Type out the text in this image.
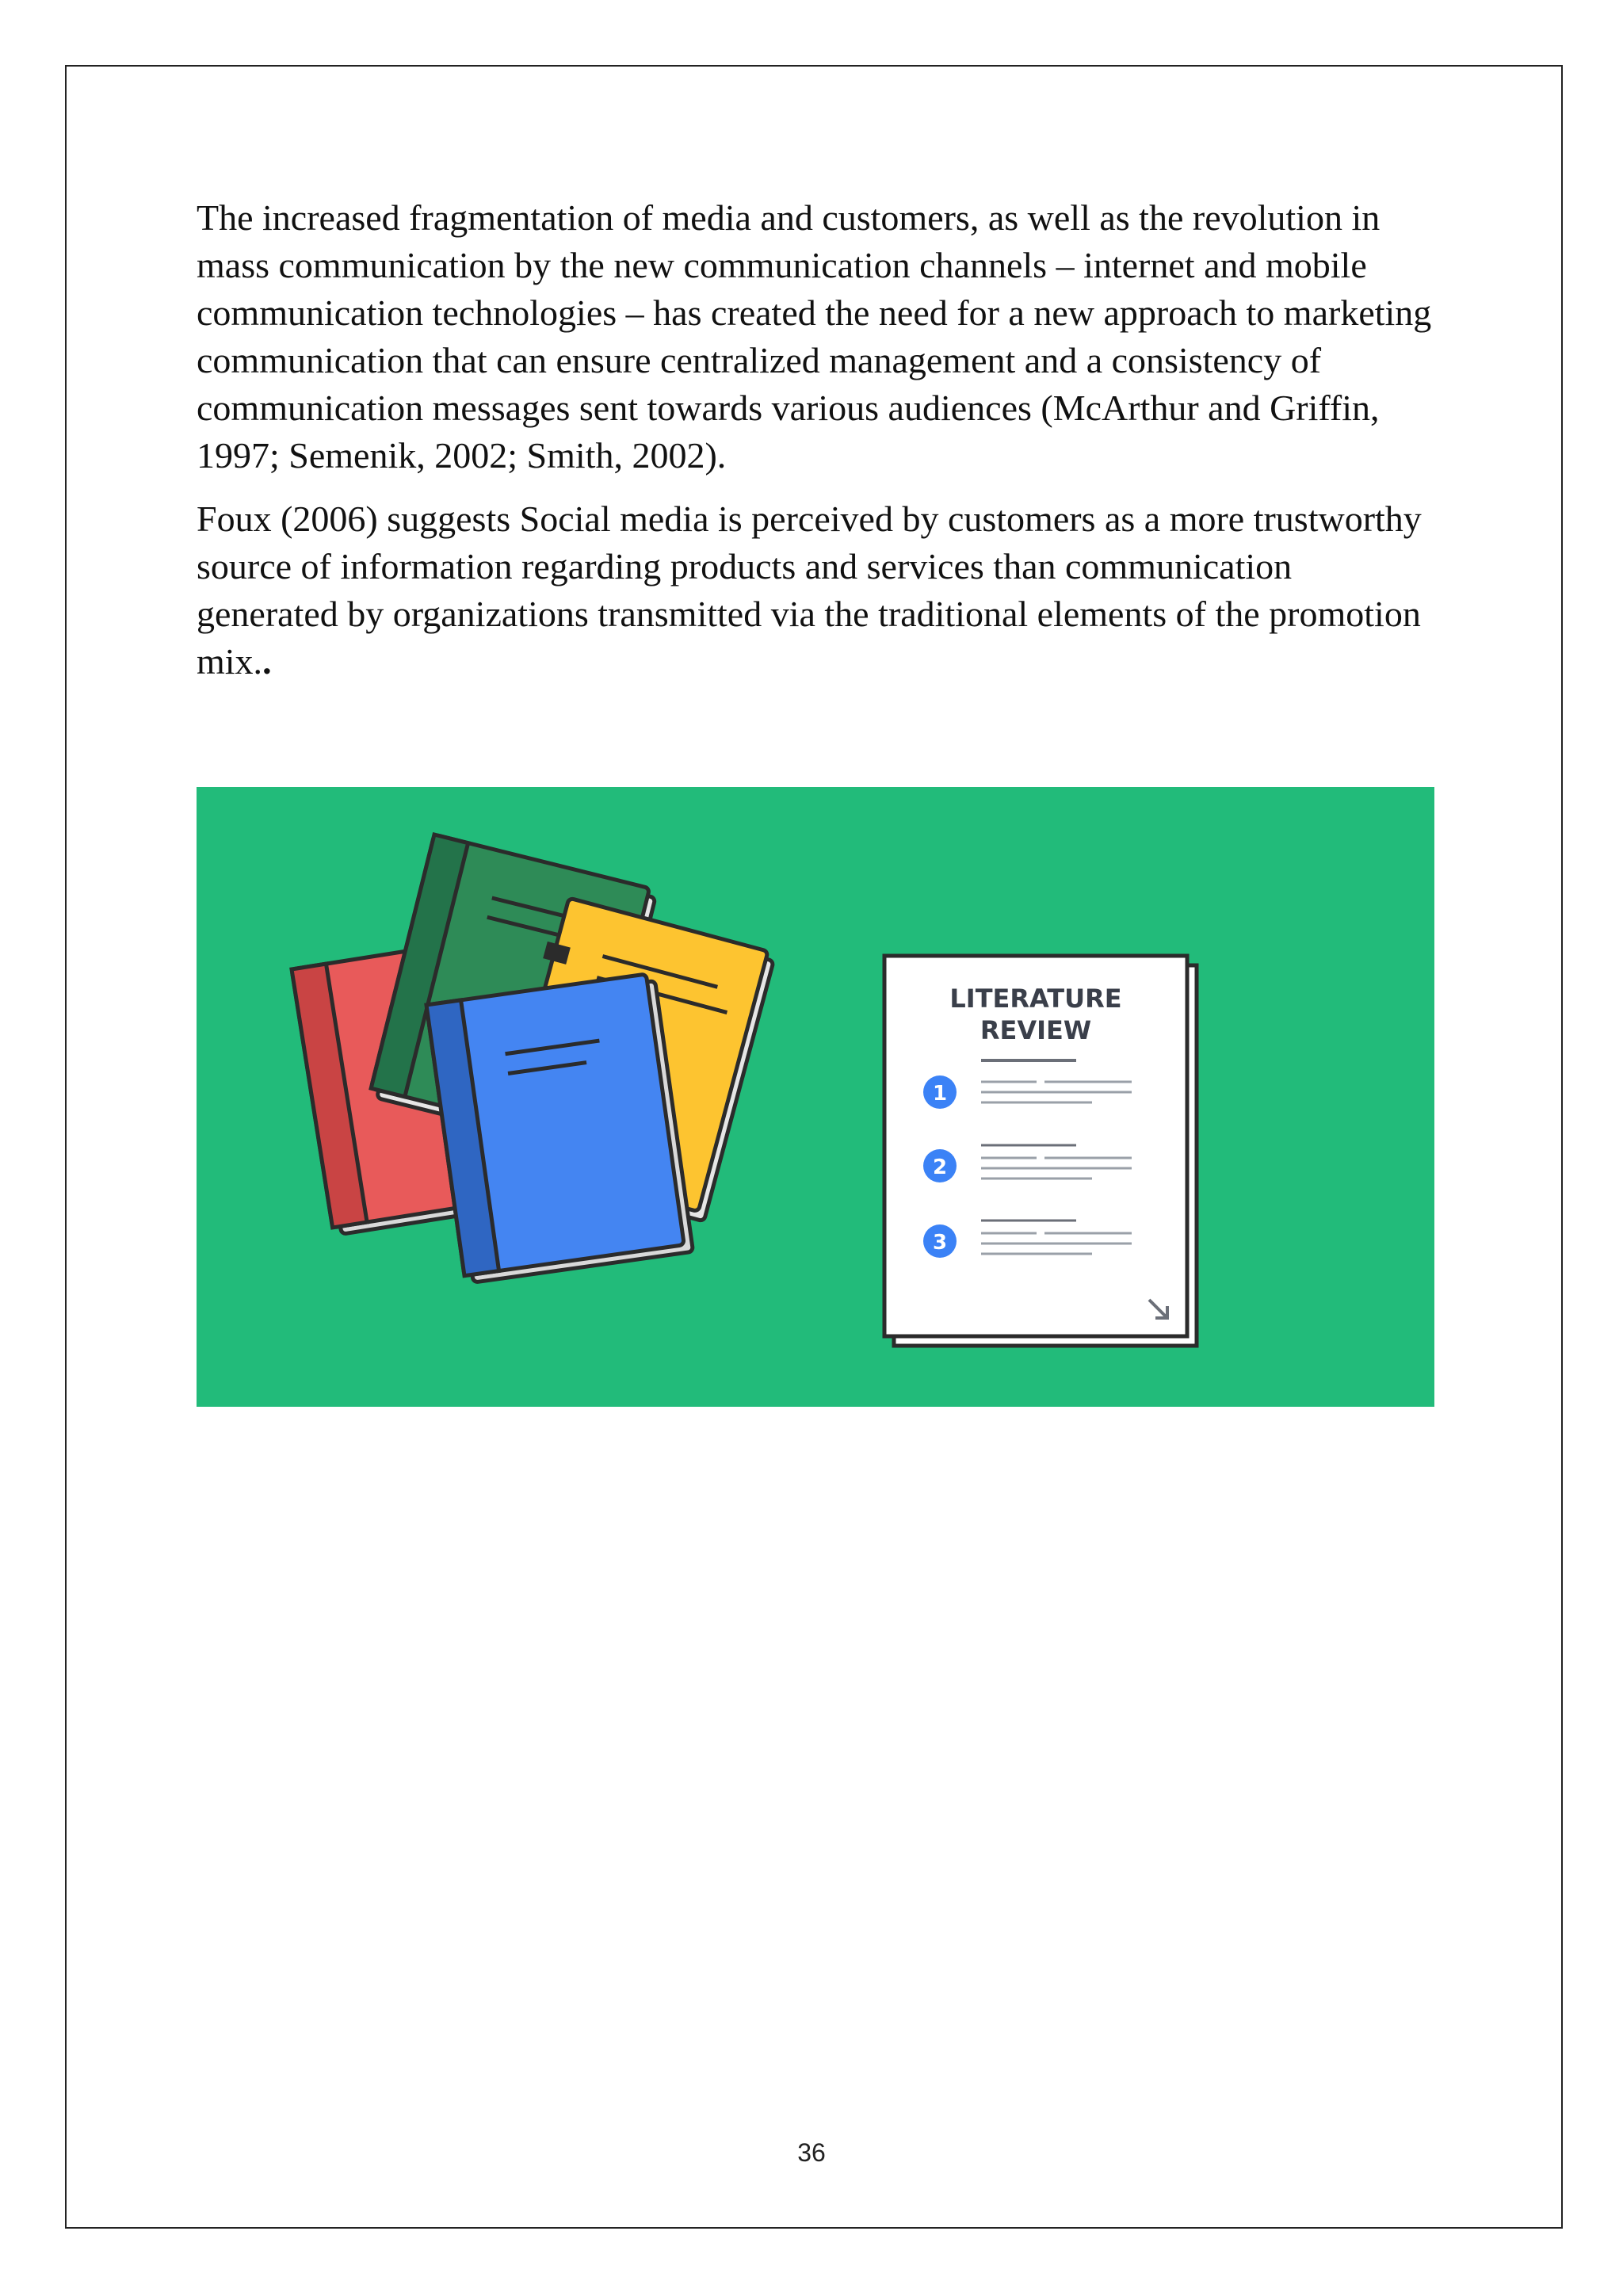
The increased fragmentation of media and customers, as well as the revolution in mass communication by the new communication channels – internet and mobile communication technologies – has created the need for a new approach to marketing communication that can ensure centralized management and a consistency of communication messages sent towards various audiences (McArthur and Griffin, 1997; Semenik, 2002; Smith, 2002).

Foux (2006) suggests Social media is perceived by customers as a more trustworthy source of information regarding products and services than communication generated by organizations transmitted via the traditional elements of the promotion mix..

LITERATURE
REVIEW
1
2
3
36
